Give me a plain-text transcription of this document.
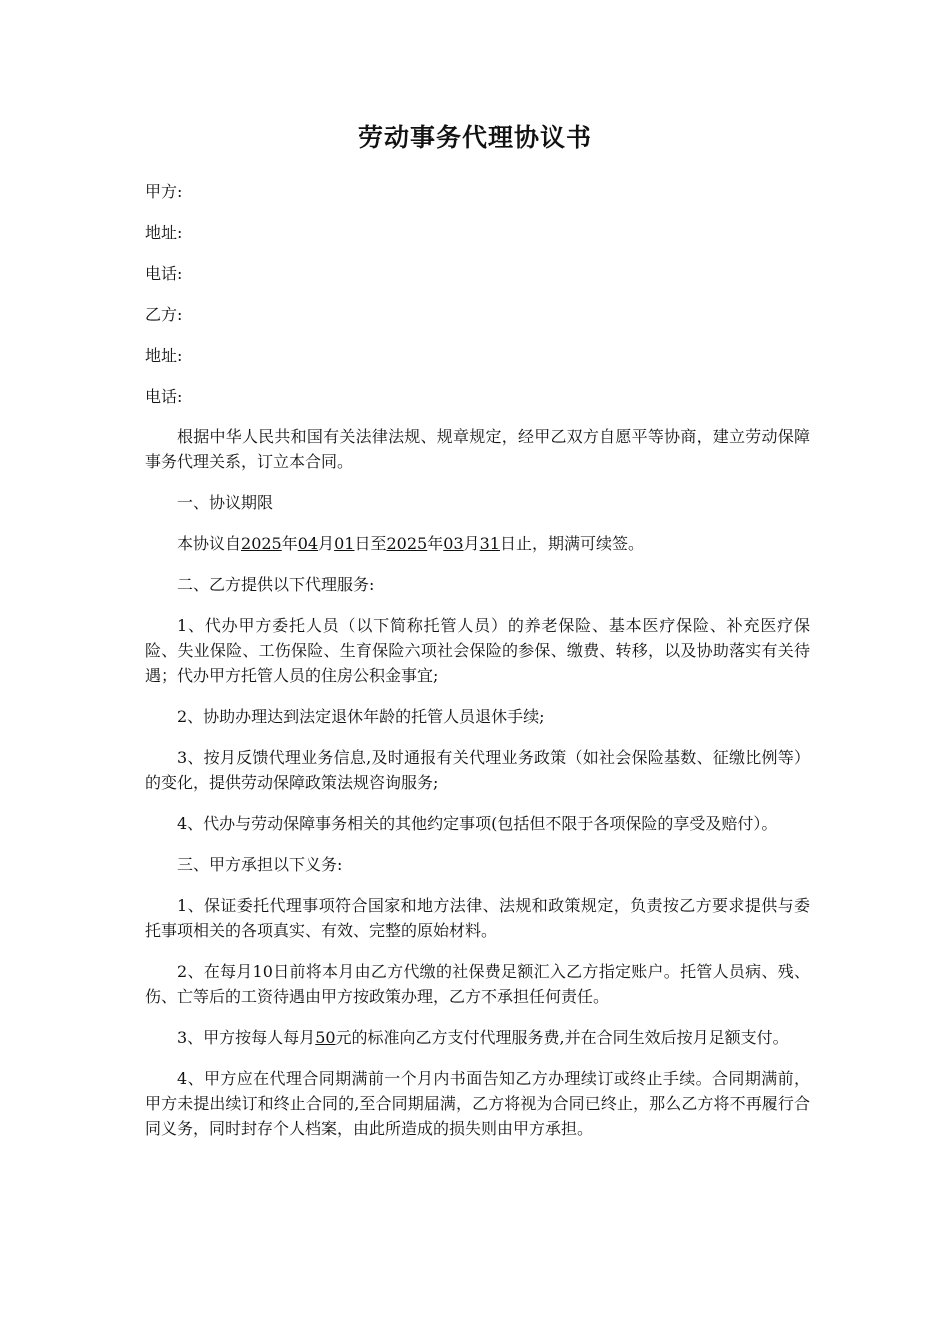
劳动事务代理协议书
甲方:
地址:
电话:
乙方:
地址:
电话:

根据中华人民共和国有关法律法规、规章规定，经甲乙双方自愿平等协商，建立劳动保障事务代理关系，订立本合同。

一、协议期限

本协议自2025年04月01日至2025年03月31日止，期满可续签。

二、乙方提供以下代理服务:

1、代办甲方委托人员（以下简称托管人员）的养老保险、基本医疗保险、补充医疗保险、失业保险、工伤保险、生育保险六项社会保险的参保、缴费、转移，以及协助落实有关待遇；代办甲方托管人员的住房公积金事宜;

2、协助办理达到法定退休年龄的托管人员退休手续;

3、按月反馈代理业务信息,及时通报有关代理业务政策（如社会保险基数、征缴比例等）的变化，提供劳动保障政策法规咨询服务;

4、代办与劳动保障事务相关的其他约定事项(包括但不限于各项保险的享受及赔付）。

三、甲方承担以下义务:

1、保证委托代理事项符合国家和地方法律、法规和政策规定，负责按乙方要求提供与委托事项相关的各项真实、有效、完整的原始材料。

2、在每月10日前将本月由乙方代缴的社保费足额汇入乙方指定账户。托管人员病、残、伤、亡等后的工资待遇由甲方按政策办理，乙方不承担任何责任。

3、甲方按每人每月50元的标准向乙方支付代理服务费,并在合同生效后按月足额支付。

4、甲方应在代理合同期满前一个月内书面告知乙方办理续订或终止手续。合同期满前，甲方未提出续订和终止合同的,至合同期届满，乙方将视为合同已终止，那么乙方将不再履行合同义务，同时封存个人档案，由此所造成的损失则由甲方承担。
